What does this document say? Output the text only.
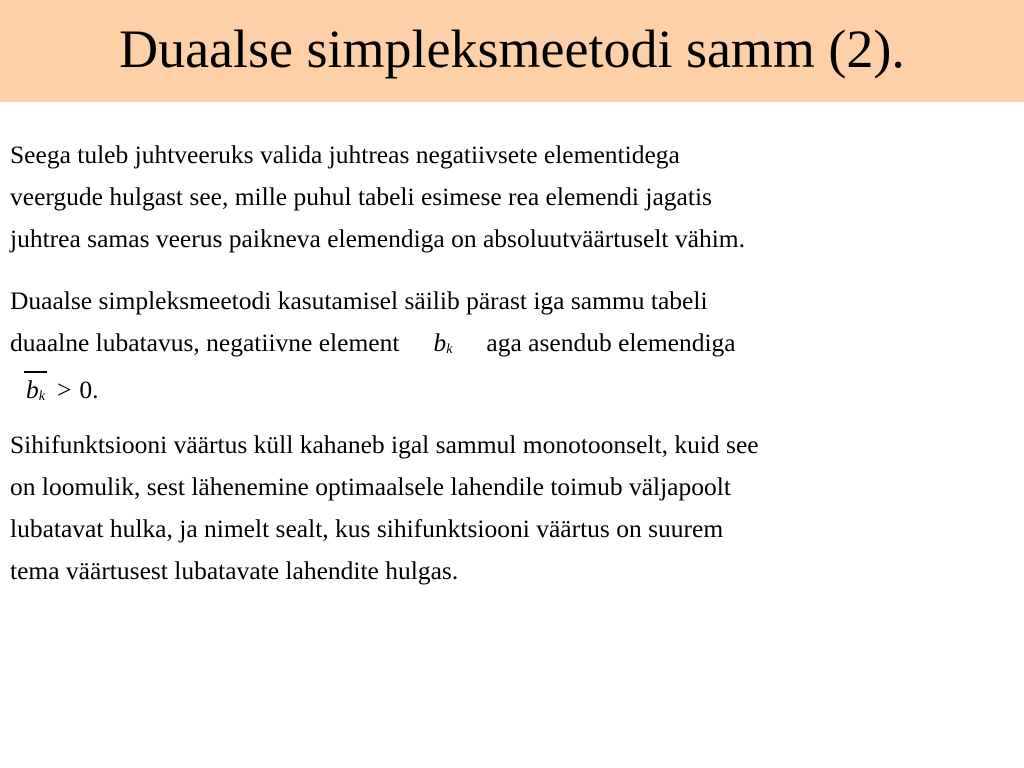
Duaalse simpleksmeetodi samm (2).

Seega tuleb juhtveeruks valida juhtreas negatiivsete elementidega
veergude hulgast see, mille puhul tabeli esimese rea elemendi jagatis
juhtrea samas veerus paikneva elemendiga on absoluutväärtuselt vähim.

Duaalse simpleksmeetodi kasutamisel säilib pärast iga sammu tabeli
duaalne lubatavus, negatiivne element $b_k$ aga asendub elemendiga
$b_k > 0$.

Sihifunktsiooni väärtus küll kahaneb igal sammul monotoonselt, kuid see
on loomulik, sest lähenemine optimaalsele lahendile toimub väljapoolt
lubatavat hulka, ja nimelt sealt, kus sihifunktsiooni väärtus on suurem
tema väärtusest lubatavate lahendite hulgas.
